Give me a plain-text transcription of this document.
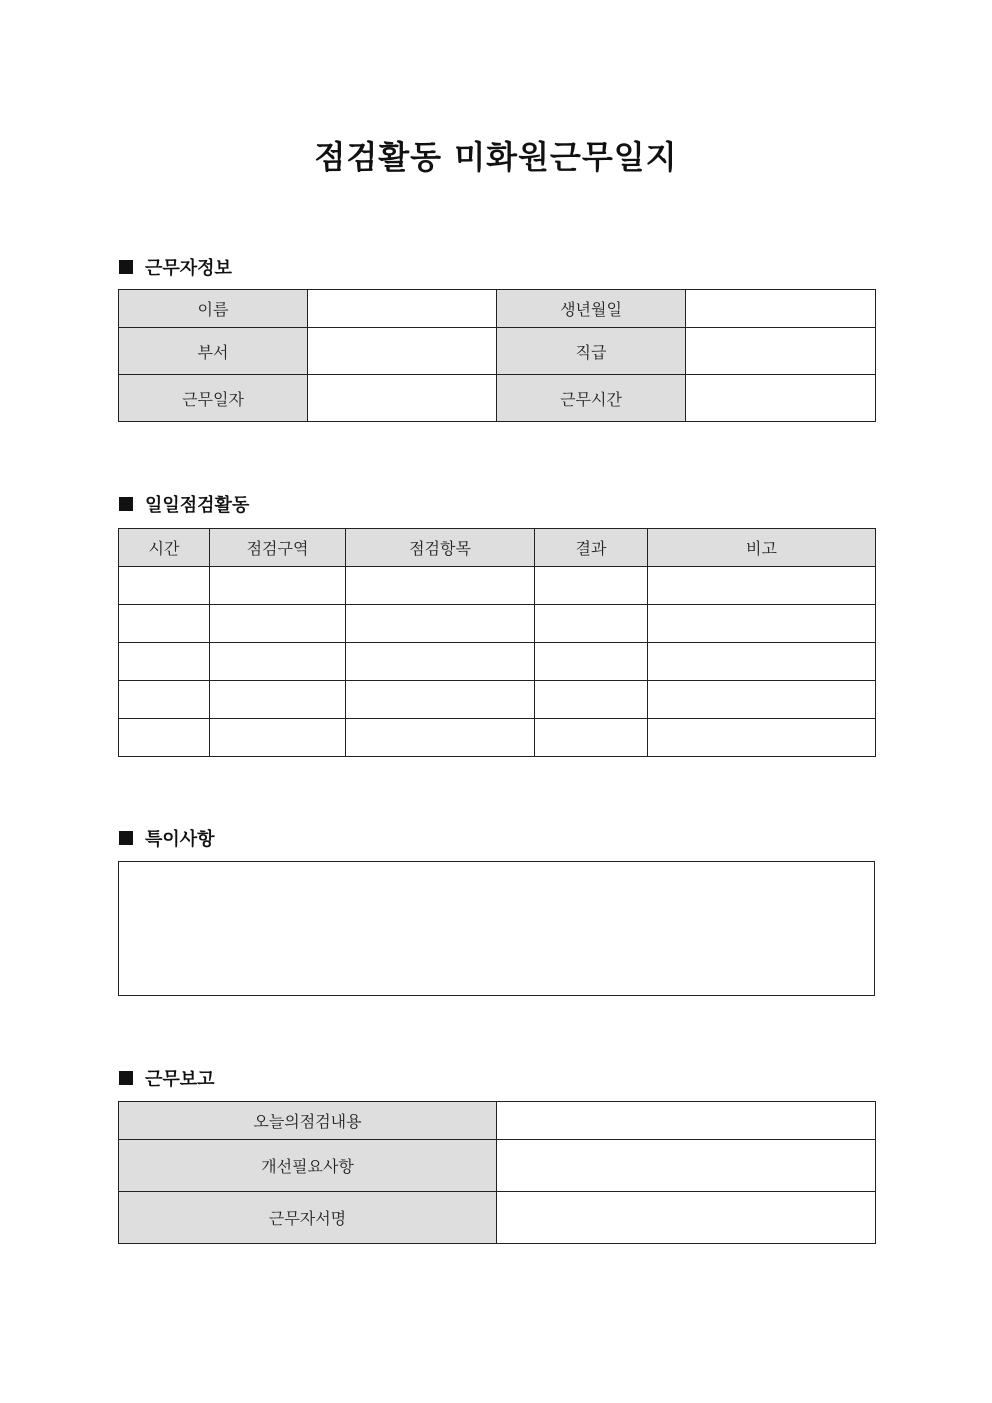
점검활동 미화원근무일지
근무자정보
이름		생년월일	
부서		직급	
근무일자		근무시간	
일일점검활동
시간	점검구역	점검항목	결과	비고

특이사항
근무보고
오늘의점검내용	
개선필요사항	
근무자서명	
